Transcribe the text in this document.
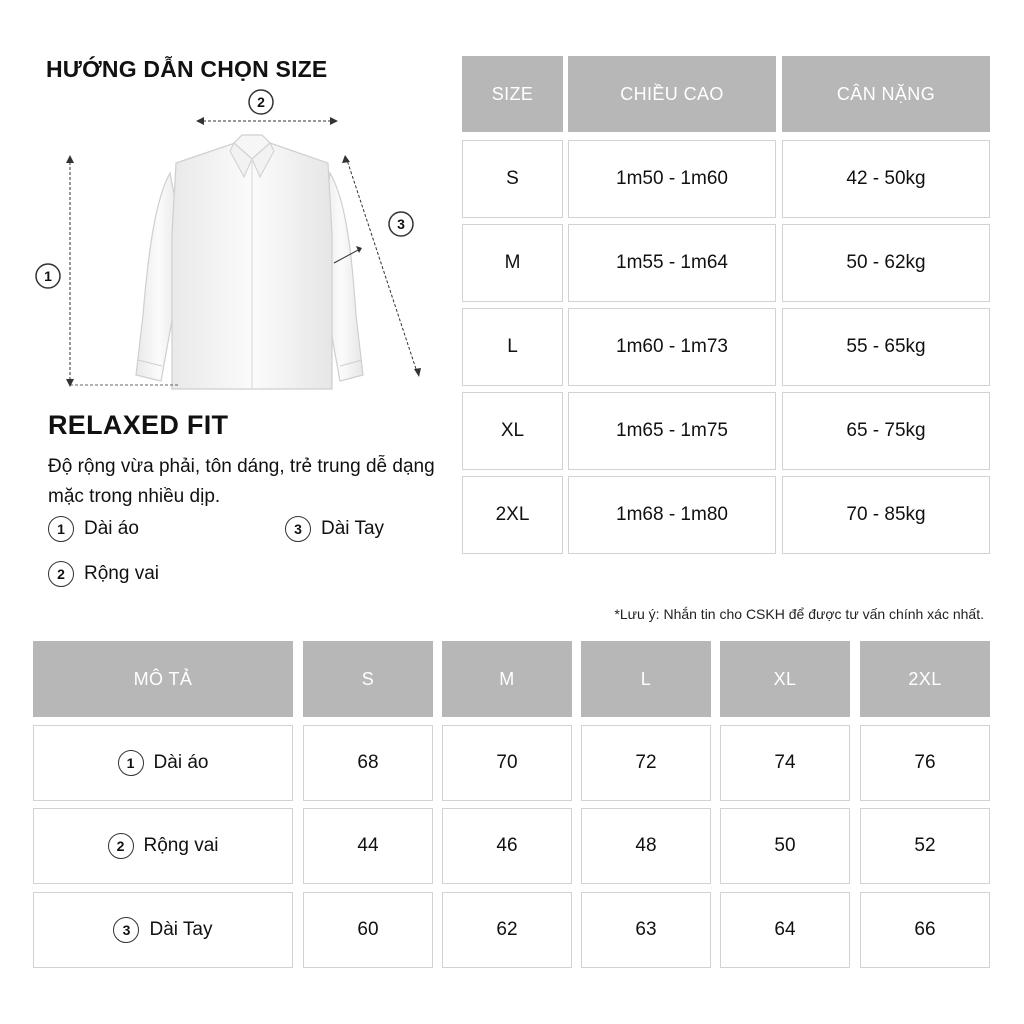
HƯỚNG DẪN CHỌN SIZE
1
2
3
RELAXED FIT
Độ rộng vừa phải, tôn dáng, trẻ trung dễ dạng mặc trong nhiều dịp.
1	Dài áo	3	Dài Tay
2	Rộng vai
SIZE	CHIỀU CAO	CÂN NẶNG
S	1m50 - 1m60	42 - 50kg
M	1m55 - 1m64	50 - 62kg
L	1m60 - 1m73	55 - 65kg
XL	1m65 - 1m75	65 - 75kg
2XL	1m68 - 1m80	70 - 85kg
*Lưu ý: Nhắn tin cho CSKH để được tư vấn chính xác nhất.
MÔ TẢ	S	M	L	XL	2XL
1	Dài áo	68	70	72	74	76
2	Rộng vai	44	46	48	50	52
3	Dài Tay	60	62	63	64	66
